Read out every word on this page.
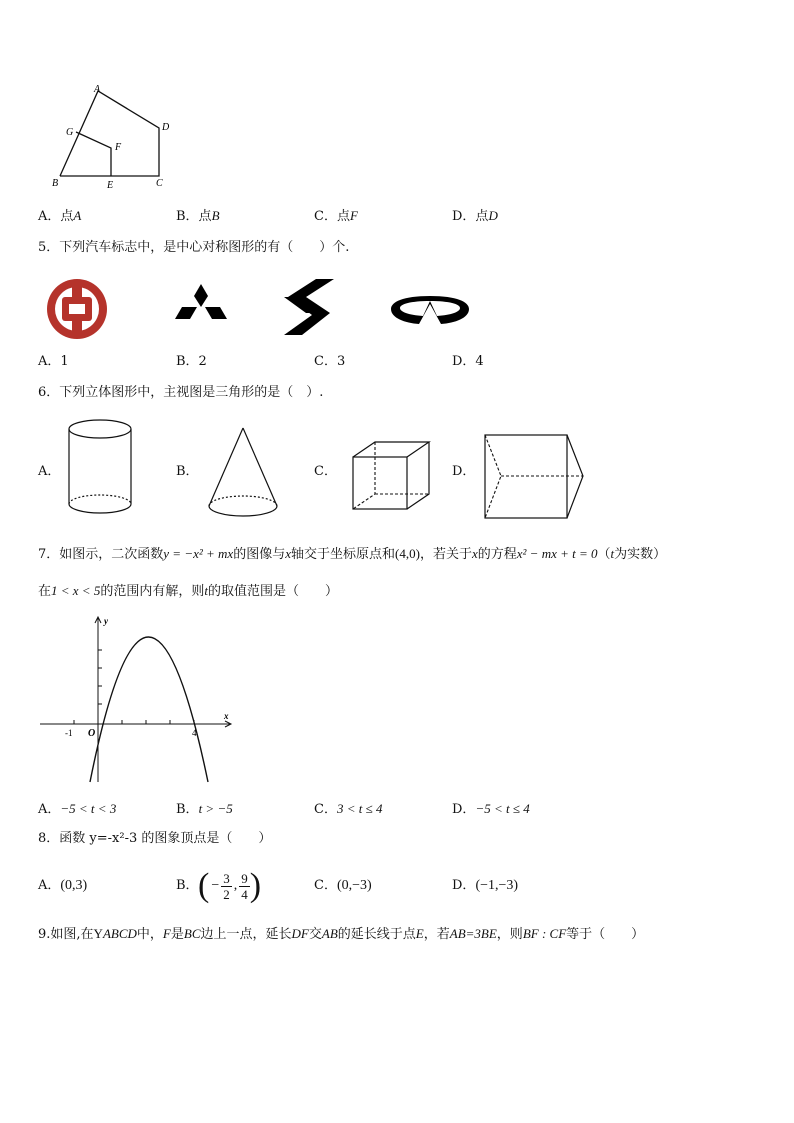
A
D
G
F
B	E	C
A．点A	B．点B	C．点F	D．点D
5．下列汽车标志中，是中心对称图形的有（ ）个.
A．1	B．2	C．3	D．4
6．下列立体图形中，主视图是三角形的是（　）.
A．	B．	C．	D．
7．如图示，二次函数y = −x² + mx的图像与x轴交于坐标原点和(4,0)，若关于x的方程x² − mx + t = 0（t为实数）
在1 < x < 5的范围内有解，则t的取值范围是（　　）
y
x
O
-1	4
A．−5 < t < 3	B．t > −5	C．3 < t ≤ 4	D．−5 < t ≤ 4
8．函数 y=-x²-3 的图象顶点是（　　）
A．(0,3)	B． ( − $\frac{3}{2}$ , 9
4 )	C．(0,−3)	D．(−1,−3)
9.如图,在YABCD中，F是BC边上一点，延长DF交AB的延长线于点E，若AB=3BE，则BF : CF等于（　　）
